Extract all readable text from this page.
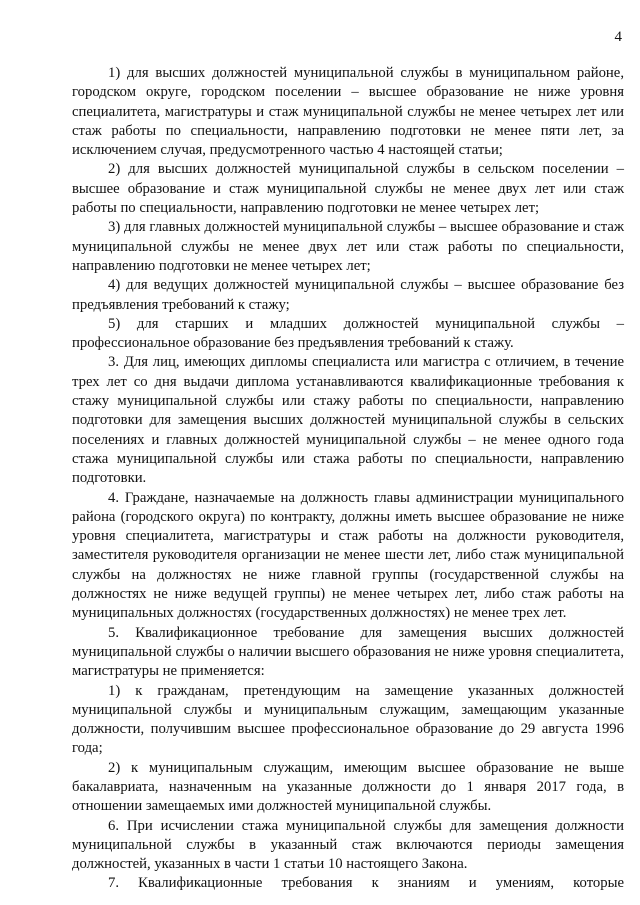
4

1) для высших должностей муниципальной службы в муниципальном районе, городском округе, городском поселении – высшее образование не ниже уровня специалитета, магистратуры и стаж муниципальной службы не менее четырех лет или стаж работы по специальности, направлению подготовки не менее пяти лет, за исключением случая, предусмотренного частью 4 настоящей статьи;

2) для высших должностей муниципальной службы в сельском поселении – высшее образование и стаж муниципальной службы не менее двух лет или стаж работы по специальности, направлению подготовки не менее четырех лет;

3) для главных должностей муниципальной службы – высшее образование и стаж муниципальной службы не менее двух лет или стаж работы по специальности, направлению подготовки не менее четырех лет;

4) для ведущих должностей муниципальной службы – высшее образование без предъявления требований к стажу;

5) для старших и младших должностей муниципальной службы – профессиональное образование без предъявления требований к стажу.

3. Для лиц, имеющих дипломы специалиста или магистра с отличием, в течение трех лет со дня выдачи диплома устанавливаются квалификационные требования к стажу муниципальной службы или стажу работы по специальности, направлению подготовки для замещения высших должностей муниципальной службы в сельских поселениях и главных должностей муниципальной службы – не менее одного года стажа муниципальной службы или стажа работы по специальности, направлению подготовки.

4. Граждане, назначаемые на должность главы администрации муниципального района (городского округа) по контракту, должны иметь высшее образование не ниже уровня специалитета, магистратуры и стаж работы на должности руководителя, заместителя руководителя организации не менее шести лет, либо стаж муниципальной службы на должностях не ниже главной группы (государственной службы на должностях не ниже ведущей группы) не менее четырех лет, либо стаж работы на муниципальных должностях (государственных должностях) не менее трех лет.

5. Квалификационное требование для замещения высших должностей муниципальной службы о наличии высшего образования не ниже уровня специалитета, магистратуры не применяется:

1) к гражданам, претендующим на замещение указанных должностей муниципальной службы и муниципальным служащим, замещающим указанные должности, получившим высшее профессиональное образование до 29 августа 1996 года;

2) к муниципальным служащим, имеющим высшее образование не выше бакалавриата, назначенным на указанные должности до 1 января 2017 года, в отношении замещаемых ими должностей муниципальной службы.

6. При исчислении стажа муниципальной службы для замещения должности муниципальной службы в указанный стаж включаются периоды замещения должностей, указанных в части 1 статьи 10 настоящего Закона.

7. Квалификационные требования к знаниям и умениям, которые
